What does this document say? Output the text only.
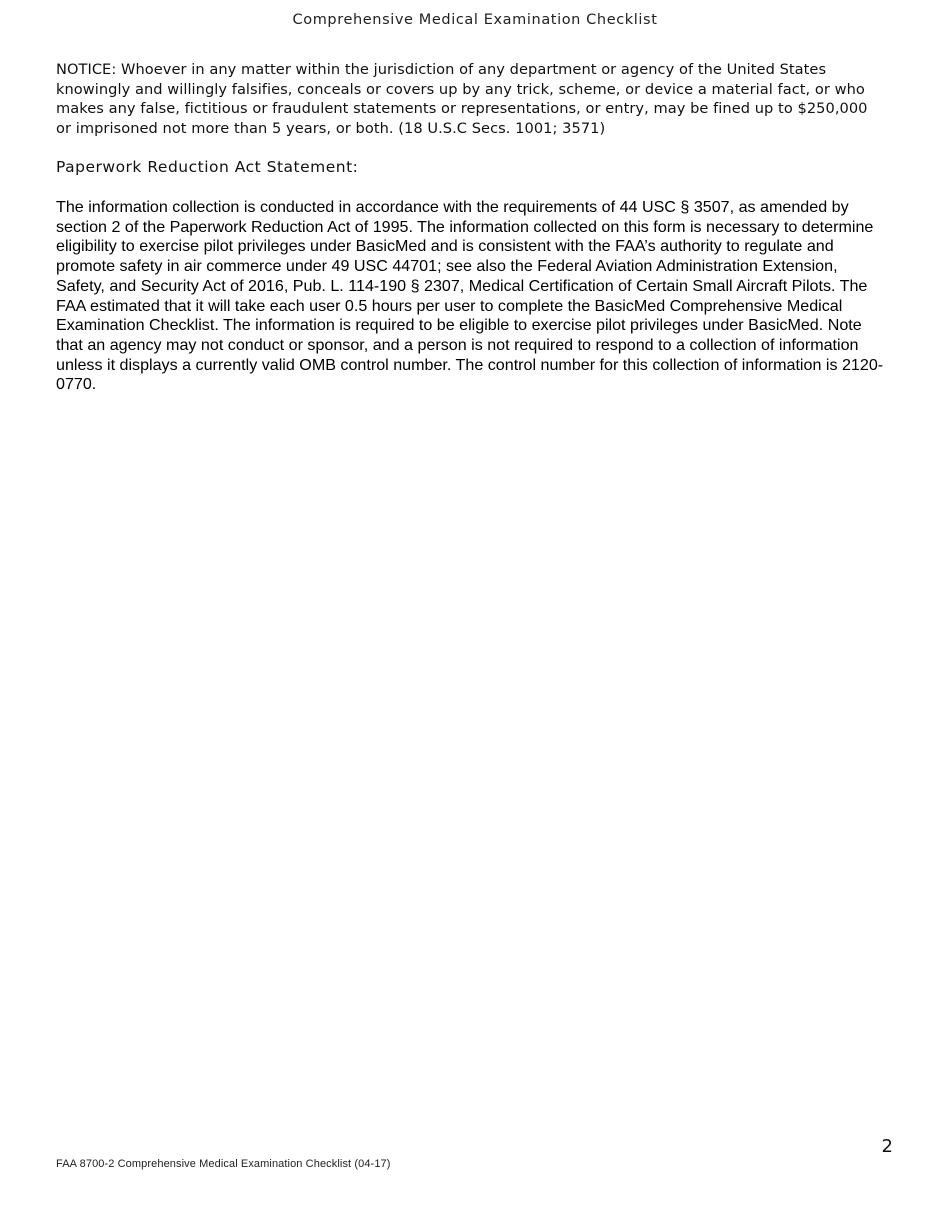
Comprehensive Medical Examination Checklist

NOTICE: Whoever in any matter within the jurisdiction of any department or agency of the United States knowingly and willingly falsifies, conceals or covers up by any trick, scheme, or device a material fact, or who makes any false, fictitious or fraudulent statements or representations, or entry, may be fined up to $250,000 or imprisoned not more than 5 years, or both. (18 U.S.C Secs. 1001; 3571)

Paperwork Reduction Act Statement:

The information collection is conducted in accordance with the requirements of 44 USC § 3507, as amended by section 2 of the Paperwork Reduction Act of 1995. The information collected on this form is necessary to determine eligibility to exercise pilot privileges under BasicMed and is consistent with the FAA’s authority to regulate and promote safety in air commerce under 49 USC 44701; see also the Federal Aviation Administration Extension, Safety, and Security Act of 2016, Pub. L. 114-190 § 2307, Medical Certification of Certain Small Aircraft Pilots. The FAA estimated that it will take each user 0.5 hours per user to complete the BasicMed Comprehensive Medical Examination Checklist. The information is required to be eligible to exercise pilot privileges under BasicMed. Note that an agency may not conduct or sponsor, and a person is not required to respond to a collection of information unless it displays a currently valid OMB control number. The control number for this collection of information is 2120-0770.

2
FAA 8700-2 Comprehensive Medical Examination Checklist (04-17)
